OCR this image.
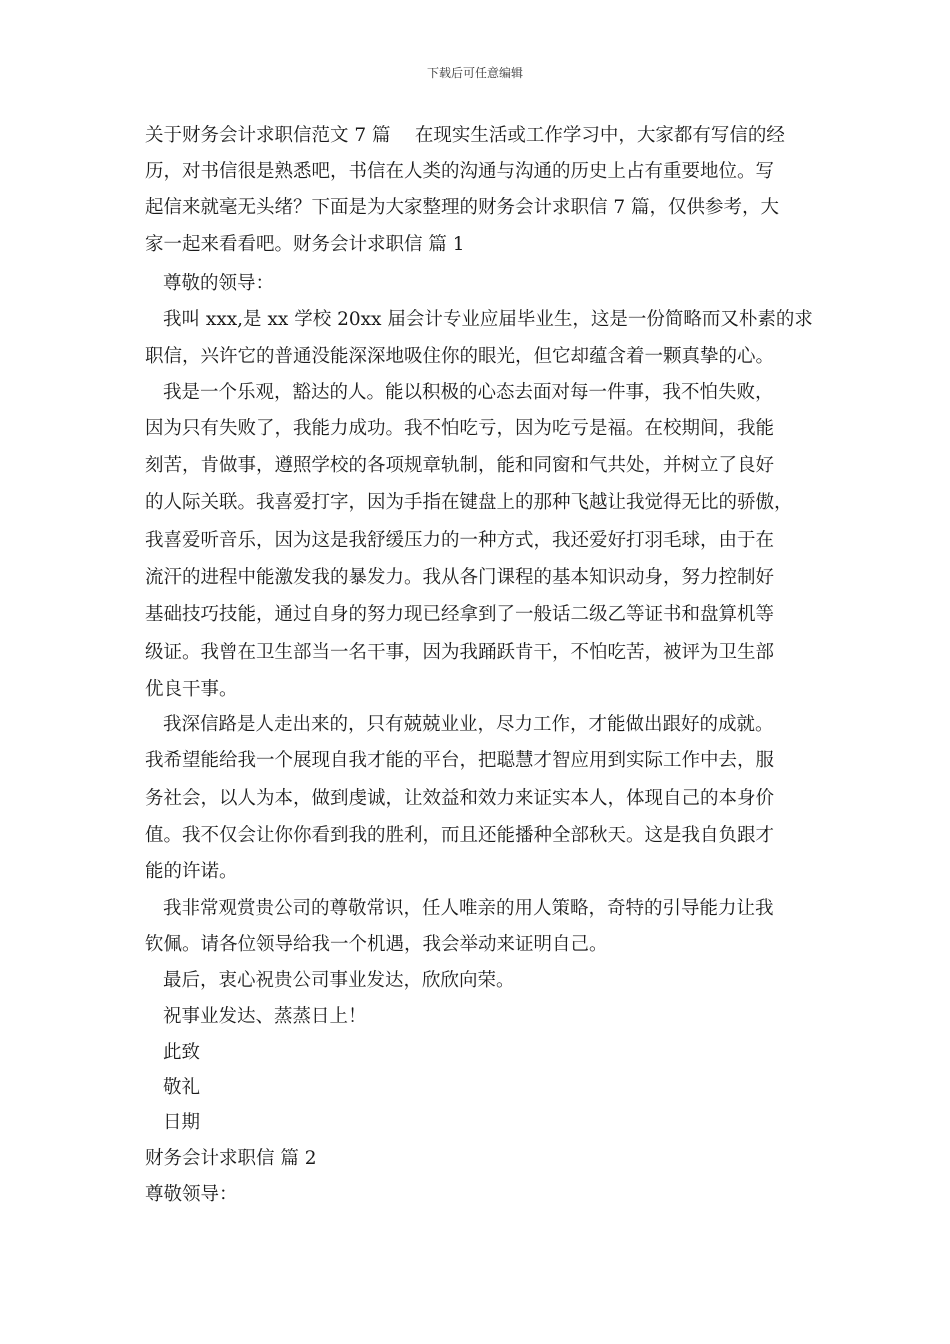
下载后可任意编辑
关于财务会计求职信范文 7 篇　 在现实生活或工作学习中，大家都有写信的经
历，对书信很是熟悉吧，书信在人类的沟通与沟通的历史上占有重要地位。写
起信来就毫无头绪？下面是为大家整理的财务会计求职信 7 篇，仅供参考，大
家一起来看看吧。财务会计求职信 篇 1
尊敬的领导：
我叫 xxx,是 xx 学校 20xx 届会计专业应届毕业生，这是一份简略而又朴素的求
职信，兴许它的普通没能深深地吸住你的眼光，但它却蕴含着一颗真挚的心。
我是一个乐观，豁达的人。能以积极的心态去面对每一件事，我不怕失败，
因为只有失败了，我能力成功。我不怕吃亏，因为吃亏是福。在校期间，我能
刻苦，肯做事，遵照学校的各项规章轨制，能和同窗和气共处，并树立了良好
的人际关联。我喜爱打字，因为手指在键盘上的那种飞越让我觉得无比的骄傲，
我喜爱听音乐，因为这是我舒缓压力的一种方式，我还爱好打羽毛球，由于在
流汗的进程中能激发我的暴发力。我从各门课程的基本知识动身，努力控制好
基础技巧技能，通过自身的努力现已经拿到了一般话二级乙等证书和盘算机等
级证。我曾在卫生部当一名干事，因为我踊跃肯干，不怕吃苦，被评为卫生部
优良干事。
我深信路是人走出来的，只有兢兢业业，尽力工作，才能做出跟好的成就。
我希望能给我一个展现自我才能的平台，把聪慧才智应用到实际工作中去，服
务社会，以人为本，做到虔诚，让效益和效力来证实本人，体现自己的本身价
值。我不仅会让你你看到我的胜利，而且还能播种全部秋天。这是我自负跟才
能的许诺。
我非常观赏贵公司的尊敬常识，任人唯亲的用人策略，奇特的引导能力让我
钦佩。请各位领导给我一个机遇，我会举动来证明自己。
最后，衷心祝贵公司事业发达，欣欣向荣。
祝事业发达、蒸蒸日上！
此致
敬礼
日期
财务会计求职信 篇 2
尊敬领导：
